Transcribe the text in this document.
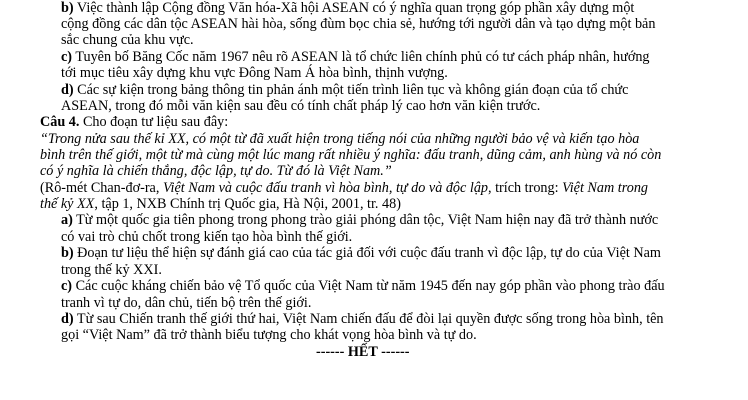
b) Việc thành lập Cộng đồng Văn hóa-Xã hội ASEAN có ý nghĩa quan trọng góp phần xây dựng một
cộng đồng các dân tộc ASEAN hài hòa, sống đùm bọc chia sẻ, hướng tới người dân và tạo dựng một bản
sắc chung của khu vực.
c) Tuyên bố Băng Cốc năm 1967 nêu rõ ASEAN là tổ chức liên chính phủ có tư cách pháp nhân, hướng
tới mục tiêu xây dựng khu vực Đông Nam Á hòa bình, thịnh vượng.
d) Các sự kiện trong bảng thông tin phản ánh một tiến trình liên tục và không gián đoạn của tổ chức
ASEAN, trong đó mỗi văn kiện sau đều có tính chất pháp lý cao hơn văn kiện trước.
Câu 4. Cho đoạn tư liệu sau đây:
“Trong nửa sau thế kỉ XX, có một từ đã xuất hiện trong tiếng nói của những người bảo vệ và kiến tạo hòa
bình trên thế giới, một từ mà cùng một lúc mang rất nhiều ý nghĩa: đấu tranh, dũng cảm, anh hùng và nó còn
có ý nghĩa là chiến thắng, độc lập, tự do. Từ đó là Việt Nam.”
(Rô-mét Chan-đơ-ra, Việt Nam và cuộc đấu tranh vì hòa bình, tự do và độc lập, trích trong: Việt Nam trong
thế kỷ XX, tập 1, NXB Chính trị Quốc gia, Hà Nội, 2001, tr. 48)
a) Từ một quốc gia tiên phong trong phong trào giải phóng dân tộc, Việt Nam hiện nay đã trở thành nước
có vai trò chủ chốt trong kiến tạo hòa bình thế giới.
b) Đoạn tư liệu thể hiện sự đánh giá cao của tác giả đối với cuộc đấu tranh vì độc lập, tự do của Việt Nam
trong thế kỷ XXI.
c) Các cuộc kháng chiến bảo vệ Tổ quốc của Việt Nam từ năm 1945 đến nay góp phần vào phong trào đấu
tranh vì tự do, dân chủ, tiến bộ trên thế giới.
d) Từ sau Chiến tranh thế giới thứ hai, Việt Nam chiến đấu để đòi lại quyền được sống trong hòa bình, tên
gọi “Việt Nam” đã trở thành biểu tượng cho khát vọng hòa bình và tự do.
------ HẾT ------
